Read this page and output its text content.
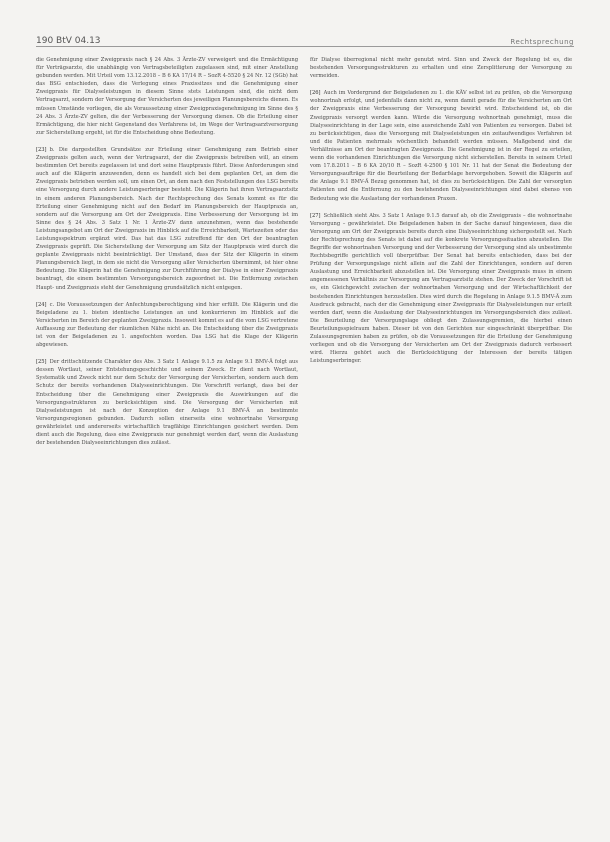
190 BtV 04.13	Rechtsprechung

die Genehmigung einer Zweigpraxis nach § 24 Abs. 3 Ärzte-ZV verweigert und die Ermächtigung für Verträgsarzte, die unabhängig von Vertragsbeteiligten zugelassen sind, mit einer Anstellung gebunden werden. Mit Urteil vom 13.12.2018 – B 6 KA 17/14 R – SozR 4-5520 § 24 Nr. 12 (SGb) hat das BSG entschieden, dass die Verlegung eines Praxissitzes und die Genehmigung einer Zweigpraxis für Dialyseleistungen in diesem Sinne stets Leistungen sind, die nicht dem Vertragsarzt, sondern der Versorgung der Versicherten des jeweiligen Planungsbereichs dienen. Es müssen Umstände vorliegen, die als Voraussetzung einer Zweigpraxisgenehmigung im Sinne des § 24 Abs. 3 Ärzte-ZV gelten, die der Verbesserung der Versorgung dienen. Ob die Erteilung einer Ermächtigung, die hier nicht Gegenstand des Verfahrens ist, im Wege der Vertragsarztversorgung zur Sicherstellung ergeht, ist für die Entscheidung ohne Bedeutung.

[23] b. Die dargestellten Grundsätze zur Erteilung einer Genehmigung zum Betrieb einer Zweigpraxis gelten auch, wenn der Vertragsarzt, der die Zweigpraxis betreiben will, an einem bestimmten Ort bereits zugelassen ist und dort seine Hauptpraxis führt. Diese Anforderungen sind auch auf die Klägerin anzuwenden, denn es handelt sich bei dem geplanten Ort, an dem die Zweigpraxis betrieben werden soll, um einen Ort, an dem nach den Feststellungen des LSG bereits eine Versorgung durch andere Leistungserbringer besteht. Die Klägerin hat ihren Vertragsarztsitz in einem anderen Planungsbereich. Nach der Rechtsprechung des Senats kommt es für die Erteilung einer Genehmigung nicht auf den Bedarf im Planungsbereich der Hauptpraxis an, sondern auf die Versorgung am Ort der Zweigpraxis. Eine Verbesserung der Versorgung ist im Sinne des § 24 Abs. 3 Satz 1 Nr. 1 Ärzte-ZV dann anzunehmen, wenn das bestehende Leistungsangebot am Ort der Zweigpraxis im Hinblick auf die Erreichbarkeit, Wartezeiten oder das Leistungsspektrum ergänzt wird. Das hat das LSG zutreffend für den Ort der beantragten Zweigpraxis geprüft. Die Sicherstellung der Versorgung am Sitz der Hauptpraxis wird durch die geplante Zweigpraxis nicht beeinträchtigt. Der Umstand, dass der Sitz der Klägerin in einem Planungsbereich liegt, in dem sie nicht die Versorgung aller Versicherten übernimmt, ist hier ohne Bedeutung. Die Klägerin hat die Genehmigung zur Durchführung der Dialyse in einer Zweigpraxis beantragt, die einem bestimmten Versorgungsbereich zugeordnet ist. Die Entfernung zwischen Haupt- und Zweigpraxis steht der Genehmigung grundsätzlich nicht entgegen.

[24] c. Die Voraussetzungen der Anfechtungsberechtigung sind hier erfüllt. Die Klägerin und die Beigeladene zu 1. bieten identische Leistungen an und konkurrieren im Hinblick auf die Versicherten im Bereich der geplanten Zweigpraxis. Insoweit kommt es auf die vom LSG vertretene Auffassung zur Bedeutung der räumlichen Nähe nicht an. Die Entscheidung über die Zweigpraxis ist von der Beigeladenen zu 1. angefochten worden. Das LSG hat die Klage der Klägerin abgewiesen.

[25] Der drittschützende Charakter des Abs. 3 Satz 1 Anlage 9.1.5 zu Anlage 9.1 BMV-Ä folgt aus dessen Wortlaut, seiner Entstehungsgeschichte und seinem Zweck. Er dient nach Wortlaut, Systematik und Zweck nicht nur dem Schutz der Versorgung der Versicherten, sondern auch dem Schutz der bereits vorhandenen Dialyseeinrichtungen. Die Vorschrift verlangt, dass bei der Entscheidung über die Genehmigung einer Zweigpraxis die Auswirkungen auf die Versorgungsstrukturen zu berücksichtigen sind. Die Versorgung der Versicherten mit Dialyseleistungen ist nach der Konzeption der Anlage 9.1 BMV-Ä an bestimmte Versorgungsregionen gebunden. Dadurch sollen einerseits eine wohnortnahe Versorgung gewährleistet und andererseits wirtschaftlich tragfähige Einrichtungen gesichert werden. Dem dient auch die Regelung, dass eine Zweigpraxis nur genehmigt werden darf, wenn die Auslastung der bestehenden Dialyseeinrichtungen dies zulässt.

für Dialyse überregional nicht mehr genutzt wird. Sinn und Zweck der Regelung ist es, die bestehenden Versorgungsstrukturen zu erhalten und eine Zersplitterung der Versorgung zu vermeiden.

[26] Auch im Vordergrund der Beigeladenen zu 1. die KÄV selbst ist zu prüfen, ob die Versorgung wohnortnah erfolgt, und jedenfalls dann nicht zu, wenn damit gerade für die Versicherten am Ort der Zweigpraxis eine Verbesserung der Versorgung bewirkt wird. Entscheidend ist, ob die Zweigpraxis versorgt werden kann. Würde die Versorgung wohnortnah genehmigt, muss die Dialyseeinrichtung in der Lage sein, eine ausreichende Zahl von Patienten zu versorgen. Dabei ist zu berücksichtigen, dass die Versorgung mit Dialyseleistungen ein zeitaufwendiges Verfahren ist und die Patienten mehrmals wöchentlich behandelt werden müssen. Maßgebend sind die Verhältnisse am Ort der beantragten Zweigpraxis. Die Genehmigung ist in der Regel zu erteilen, wenn die vorhandenen Einrichtungen die Versorgung nicht sicherstellen. Bereits in seinem Urteil vom 17.8.2011 – B 6 KA 20/10 R – SozR 4-2500 § 101 Nr. 11 hat der Senat die Bedeutung der Versorgungsaufträge für die Beurteilung der Bedarfslage hervorgehoben. Soweit die Klägerin auf die Anlage 9.1 BMV-Ä Bezug genommen hat, ist dies zu berücksichtigen. Die Zahl der versorgten Patienten und die Entfernung zu den bestehenden Dialyseeinrichtungen sind dabei ebenso von Bedeutung wie die Auslastung der vorhandenen Praxen.

[27] Schließlich sieht Abs. 3 Satz 1 Anlage 9.1.5 darauf ab, ob die Zweigpraxis – die wohnortnahe Versorgung – gewährleistet. Die Beigeladenen haben in der Sache darauf hingewiesen, dass die Versorgung am Ort der Zweigpraxis bereits durch eine Dialyseeinrichtung sichergestellt sei. Nach der Rechtsprechung des Senats ist dabei auf die konkrete Versorgungssituation abzustellen. Die Begriffe der wohnortnahen Versorgung und der Verbesserung der Versorgung sind als unbestimmte Rechtsbegriffe gerichtlich voll überprüfbar. Der Senat hat bereits entschieden, dass bei der Prüfung der Versorgungslage nicht allein auf die Zahl der Einrichtungen, sondern auf deren Auslastung und Erreichbarkeit abzustellen ist. Die Versorgung einer Zweigpraxis muss in einem angemessenen Verhältnis zur Versorgung am Vertragsarztsitz stehen. Der Zweck der Vorschrift ist es, ein Gleichgewicht zwischen der wohnortnahen Versorgung und der Wirtschaftlichkeit der bestehenden Einrichtungen herzustellen. Dies wird durch die Regelung in Anlage 9.1.5 BMV-Ä zum Ausdruck gebracht, nach der die Genehmigung einer Zweigpraxis für Dialyseleistungen nur erteilt werden darf, wenn die Auslastung der Dialyseeinrichtungen im Versorgungsbereich dies zulässt. Die Beurteilung der Versorgungslage obliegt den Zulassungsgremien, die hierbei einen Beurteilungsspielraum haben. Dieser ist von den Gerichten nur eingeschränkt überprüfbar. Die Zulassungsgremien haben zu prüfen, ob die Voraussetzungen für die Erteilung der Genehmigung vorliegen und ob die Versorgung der Versicherten am Ort der Zweigpraxis dadurch verbessert wird. Hierzu gehört auch die Berücksichtigung der Interessen der bereits tätigen Leistungserbringer.
